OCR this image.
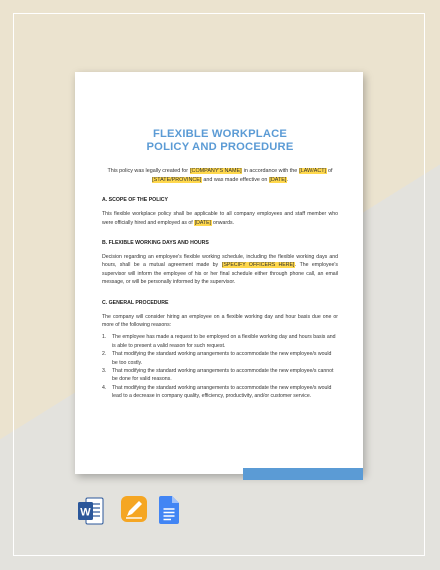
FLEXIBLE WORKPLACE
POLICY AND PROCEDURE
This policy was legally created for [COMPANY'S NAME] in accordance with the [LAW/ACT] of
[STATE/PROVINCE] and was made effective on [DATE].
A. SCOPE OF THE POLICY
This flexible workplace policy shall be applicable to all company employees and staff member who were officially hired and employed as of [DATE] onwards.
B. FLEXIBLE WORKING DAYS AND HOURS
Decision regarding an employee's flexible working schedule, including the flexible working days and hours, shall be a mutual agreement made by [SPECIFY OFFICERS HERE]. The employee's supervisor will inform the employee of his or her final schedule either through phone call, an email message, or will be personally informed by the supervisor.
C. GENERAL PROCEDURE
The company will consider hiring an employee on a flexible working day and hour basis due one or more of the following reasons:
1.	The employee has made a request to be employed on a flexible working day and hours basis and is able to present a valid reason for such request.
2.	That modifying the standard working arrangements to accommodate the new employee/s would be too costly.
3.	That modifying the standard working arrangements to accommodate the new employee/s cannot be done for valid reasons.
4.	That modifying the standard working arrangements to accommodate the new employee/s would lead to a decrease in company quality, efficiency, productivity, and/or customer service.
W
